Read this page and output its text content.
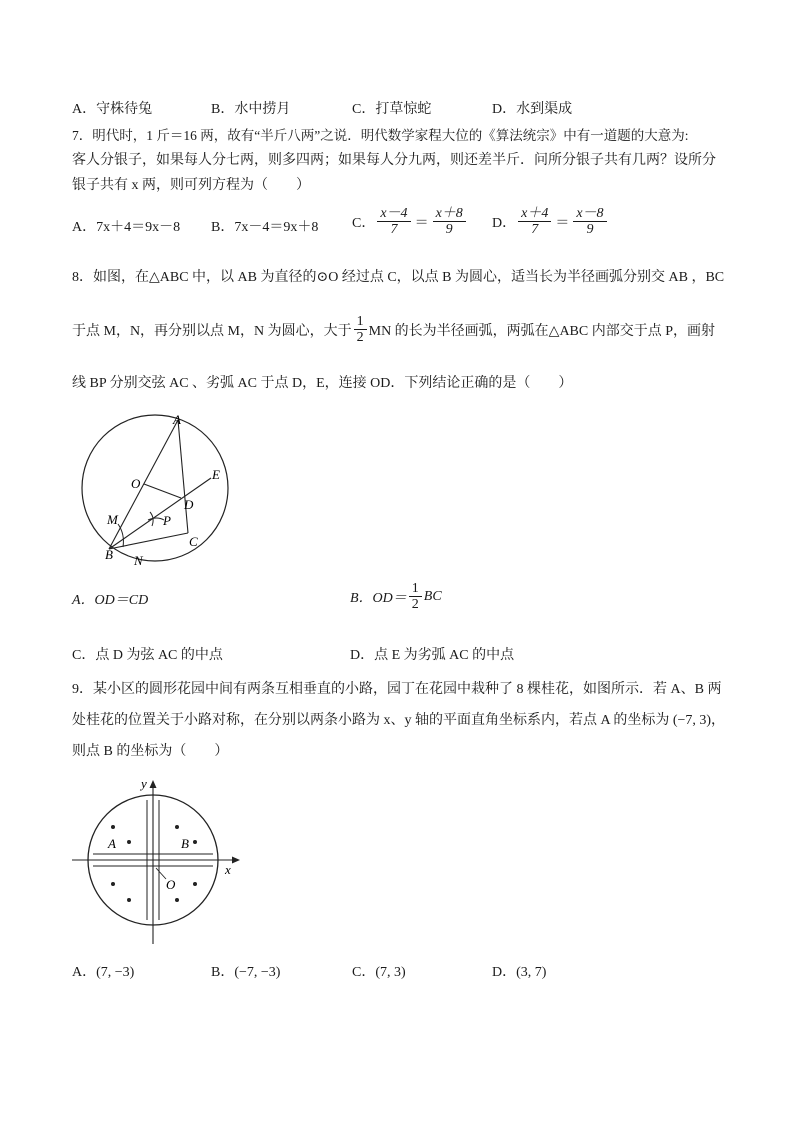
A．守株待兔	B．水中捞月	C．打草惊蛇	D．水到渠成
7．明代时，1 斤＝16 两，故有“半斤八两”之说．明代数学家程大位的《算法统宗》中有一道题的大意为:
客人分银子，如果每人分七两，则多四两；如果每人分九两，则还差半斤．问所分银子共有几两？设所分
银子共有 x 两，则可列方程为（　　）
A．7x＋4＝9x－8 B．7x－4＝9x＋8 C． $\frac{x-4}{7} = \frac{x+8}{9}$ D． $\frac{x+4}{7} = \frac{x-8}{9}$
8．如图，在△ABC 中，以 AB 为直径的⊙O 经过点 C，以点 B 为圆心，适当长为半径画弧分别交 AB ，BC
于点 M，N，再分别以点 M，N 为圆心，大于 $\frac{1}{2}$ MN 的长为半径画弧，两弧在△ABC 内部交于点 P，画射
线 BP 分别交弦 AC 、劣弧 AC 于点 D，E，连接 OD．下列结论正确的是（　　）
A
O
E
D
M	P
B N
C
A．OD＝CD	B．$OD= \frac{1}{2}$ BC
C．点 D 为弦 AC 的中点	D．点 E 为劣弧 AC 的中点
9．某小区的圆形花园中间有两条互相垂直的小路，园丁在花园中栽种了 8 棵桂花，如图所示．若 A、B 两
处桂花的位置关于小路对称，在分别以两条小路为 x、y 轴的平面直角坐标系内，若点 A 的坐标为 (−7, 3)，
则点 B 的坐标为（　　）
y
x
A	B
O
A．(7, −3)	B．(−7, −3)	C．(7, 3)	D．(3, 7)
